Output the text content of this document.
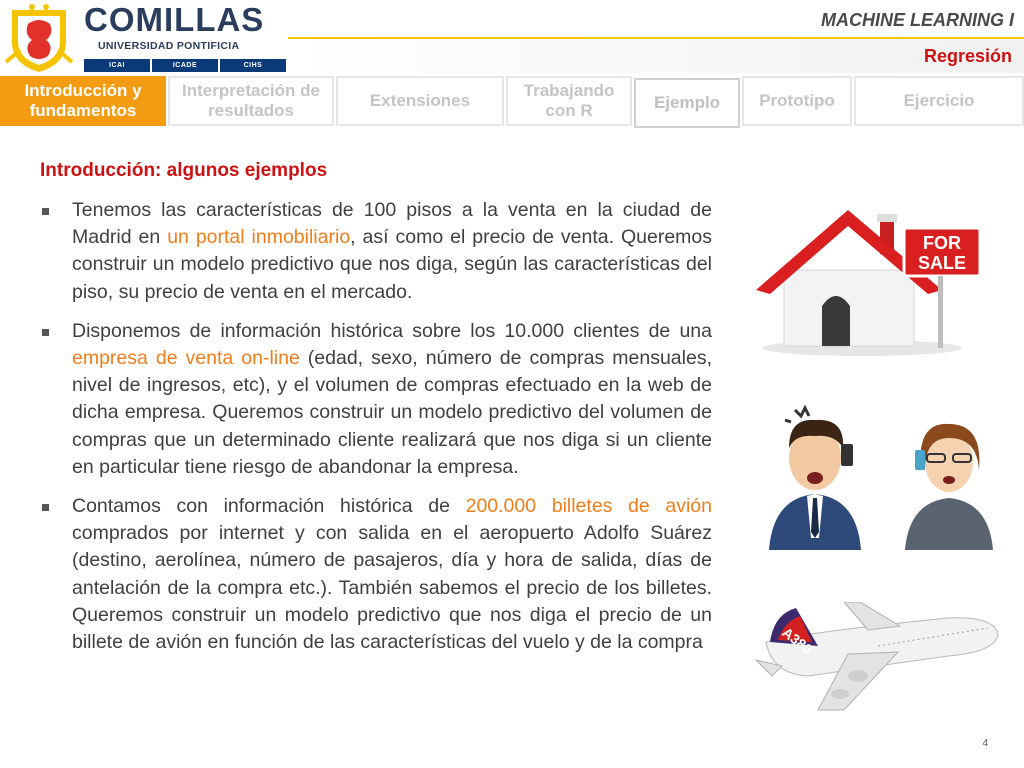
COMILLAS
UNIVERSIDAD PONTIFICIA
ICAI	ICADE	CIHS
MACHINE LEARNING I
Regresión
Introducción y fundamentos
Interpretación de resultados
Extensiones
Trabajando con R	Ejemplo	Prototipo	Ejercicio
Introducción: algunos ejemplos
Tenemos las características de 100 pisos a la venta en la ciudad de Madrid en un portal inmobiliario, así como el precio de venta. Queremos construir un modelo predictivo que nos diga, según las características del piso, su precio de venta en el mercado.
Disponemos de información histórica sobre los 10.000 clientes de una empresa de venta on-line (edad, sexo, número de compras mensuales, nivel de ingresos, etc), y el volumen de compras efectuado en la web de dicha empresa. Queremos construir un modelo predictivo del volumen de compras que un determinado cliente realizará que nos diga si un cliente en particular tiene riesgo de abandonar la empresa.
Contamos con información histórica de 200.000 billetes de avión comprados por internet y con salida en el aeropuerto Adolfo Suárez (destino, aerolínea, número de pasajeros, día y hora de salida, días de antelación de la compra etc.). También sabemos el precio de los billetes. Queremos construir un modelo predictivo que nos diga el precio de un billete de avión en función de las características del vuelo y de la compra
FOR
SALE
A380
4
